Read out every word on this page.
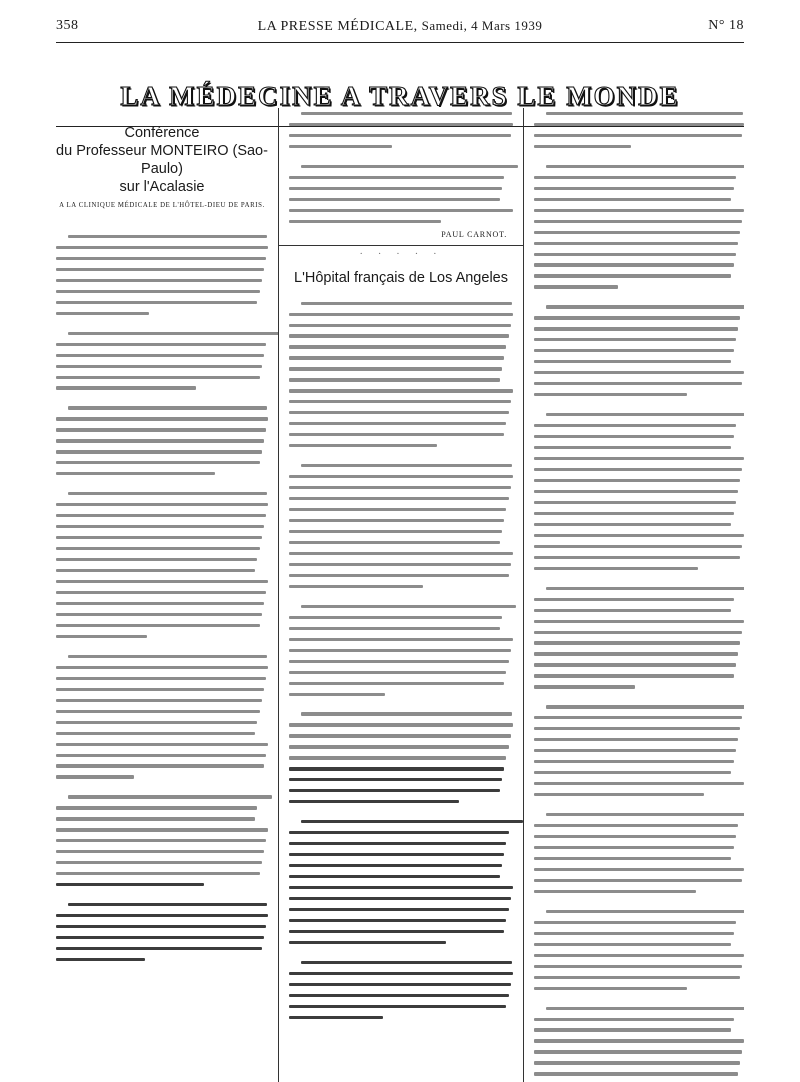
358	LA PRESSE MÉDICALE, Samedi, 4 Mars 1939	N° 18
LA MÉDECINE A TRAVERS LE MONDE
Conférence
du Professeur MONTEIRO (Sao-Paulo)
sur l'Acalasie
A LA CLINIQUE MÉDICALE DE L'HÔTEL-DIEU DE PARIS.
PAUL CARNOT.
· · · · ·
L'Hôpital français de Los Angeles
